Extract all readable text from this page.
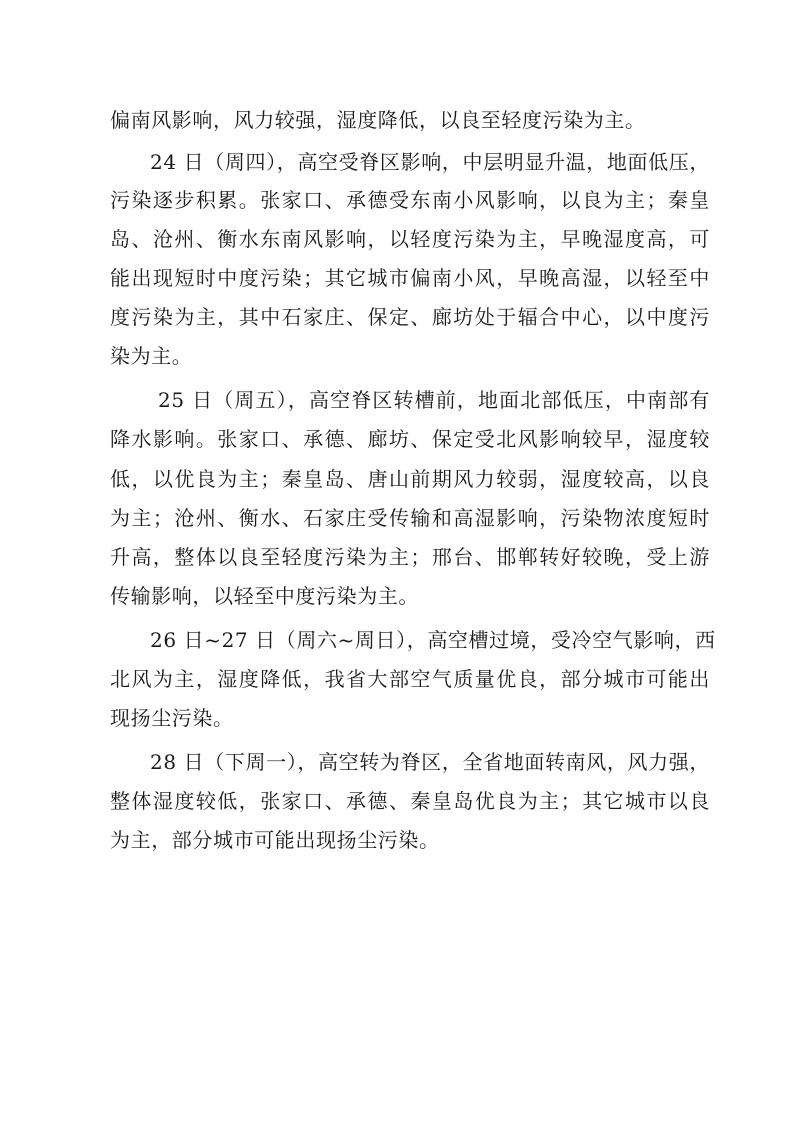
偏南风影响，风力较强，湿度降低，以良至轻度污染为主。
24 日（周四），高空受脊区影响，中层明显升温，地面低压，
污染逐步积累。张家口、承德受东南小风影响，以良为主；秦皇
岛、沧州、衡水东南风影响，以轻度污染为主，早晚湿度高，可
能出现短时中度污染；其它城市偏南小风，早晚高湿，以轻至中
度污染为主，其中石家庄、保定、廊坊处于辐合中心，以中度污
染为主。
25 日（周五），高空脊区转槽前，地面北部低压，中南部有
降水影响。张家口、承德、廊坊、保定受北风影响较早，湿度较
低，以优良为主；秦皇岛、唐山前期风力较弱，湿度较高，以良
为主；沧州、衡水、石家庄受传输和高湿影响，污染物浓度短时
升高，整体以良至轻度污染为主；邢台、邯郸转好较晚，受上游
传输影响，以轻至中度污染为主。
26 日~27 日（周六~周日），高空槽过境，受冷空气影响，西
北风为主，湿度降低，我省大部空气质量优良，部分城市可能出
现扬尘污染。
28 日（下周一），高空转为脊区，全省地面转南风，风力强，
整体湿度较低，张家口、承德、秦皇岛优良为主；其它城市以良
为主，部分城市可能出现扬尘污染。
